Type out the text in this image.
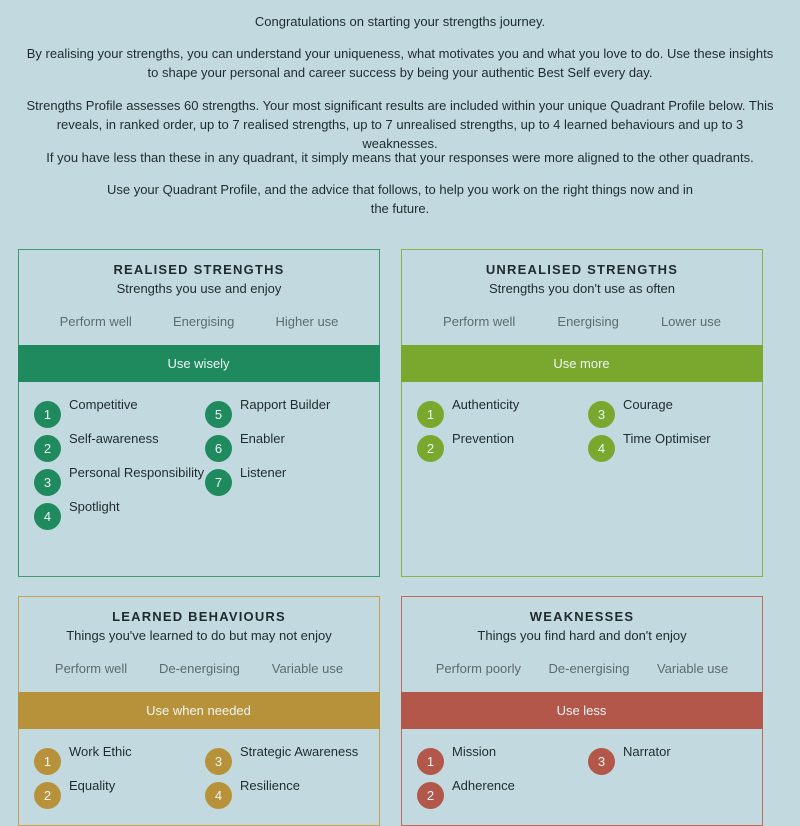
Congratulations on starting your strengths journey.

By realising your strengths, you can understand your uniqueness, what motivates you and what you love to do. Use these insights to shape your personal and career success by being your authentic Best Self every day.

Strengths Profile assesses 60 strengths. Your most significant results are included within your unique Quadrant Profile below. This reveals, in ranked order, up to 7 realised strengths, up to 7 unrealised strengths, up to 4 learned behaviours and up to 3 weaknesses.

If you have less than these in any quadrant, it simply means that your responses were more aligned to the other quadrants.

Use your Quadrant Profile, and the advice that follows, to help you work on the right things now and in the future.

REALISED STRENGTHS
Strengths you use and enjoy
Perform well	Energising	Higher use
Use wisely
1
Competitive
2
Self-awareness
3
Personal Responsibility
4
Spotlight
5
Rapport Builder
6
Enabler
7
Listener
UNREALISED STRENGTHS
Strengths you don't use as often
Perform well	Energising	Lower use
Use more
1
Authenticity
2
Prevention
3
Courage
4
Time Optimiser
LEARNED BEHAVIOURS
Things you've learned to do but may not enjoy
Perform well De-energising Variable use
Use when needed
1
Work Ethic
2
Equality
3
Strategic Awareness
4
Resilience
WEAKNESSES
Things you find hard and don't enjoy
Perform poorly De-energising Variable use
Use less
1
Mission
2
Adherence
3
Narrator
